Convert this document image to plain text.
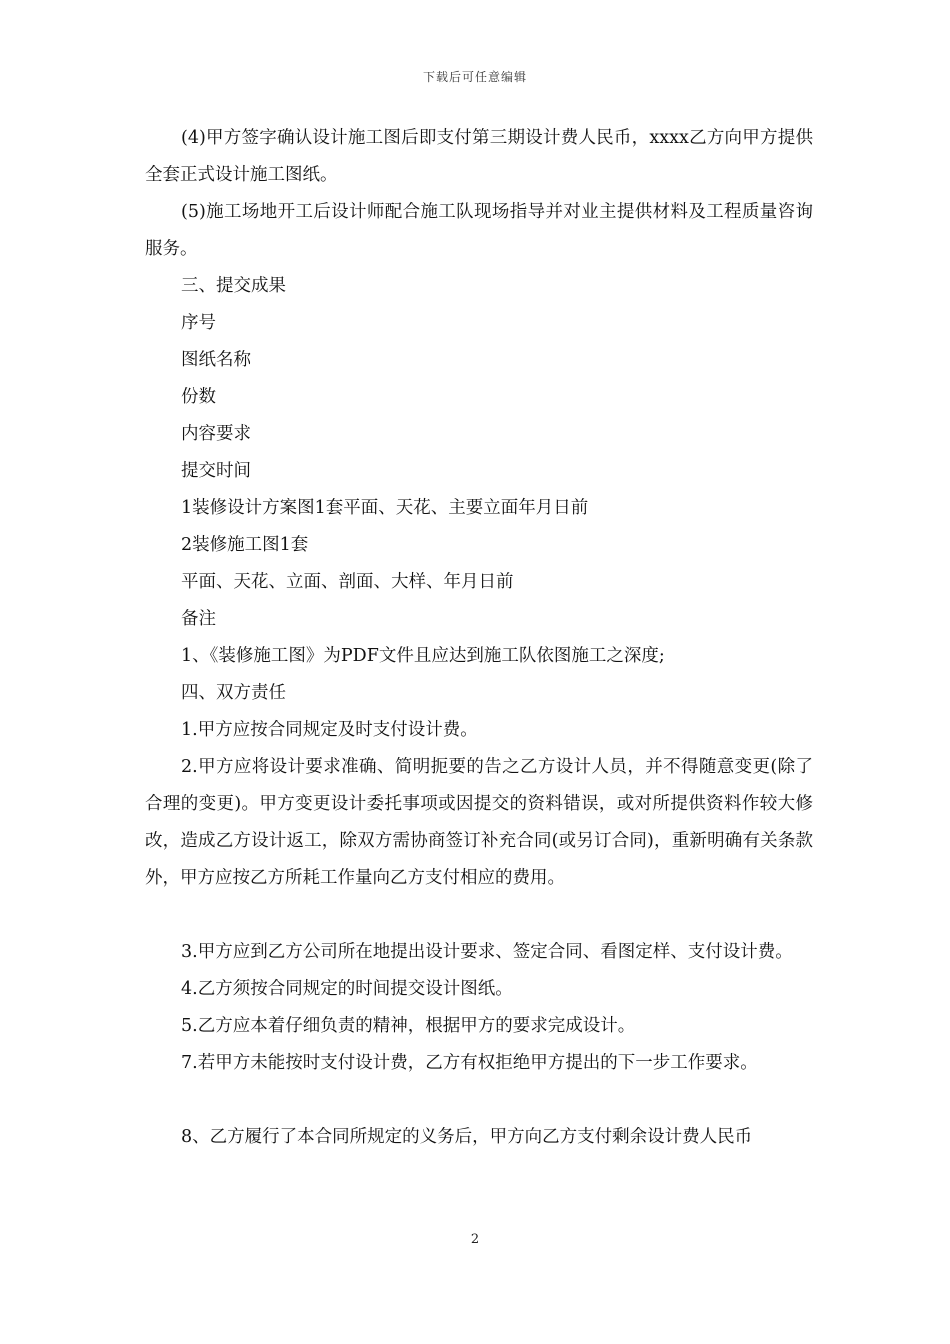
下载后可任意编辑

(4)甲方签字确认设计施工图后即支付第三期设计费人民币，xxxx乙方向甲方提供全套正式设计施工图纸。

(5)施工场地开工后设计师配合施工队现场指导并对业主提供材料及工程质量咨询服务。

三、提交成果

序号

图纸名称

份数

内容要求

提交时间

1装修设计方案图1套平面、天花、主要立面年月日前

2装修施工图1套

平面、天花、立面、剖面、大样、年月日前

备注

1、《装修施工图》为PDF文件且应达到施工队依图施工之深度;

四、双方责任

1.甲方应按合同规定及时支付设计费。

2.甲方应将设计要求准确、简明扼要的告之乙方设计人员，并不得随意变更(除了合理的变更)。甲方变更设计委托事项或因提交的资料错误，或对所提供资料作较大修改，造成乙方设计返工，除双方需协商签订补充合同(或另订合同)，重新明确有关条款外，甲方应按乙方所耗工作量向乙方支付相应的费用。

3.甲方应到乙方公司所在地提出设计要求、签定合同、看图定样、支付设计费。

4.乙方须按合同规定的时间提交设计图纸。

5.乙方应本着仔细负责的精神，根据甲方的要求完成设计。

7.若甲方未能按时支付设计费，乙方有权拒绝甲方提出的下一步工作要求。

8、乙方履行了本合同所规定的义务后，甲方向乙方支付剩余设计费人民币

2
